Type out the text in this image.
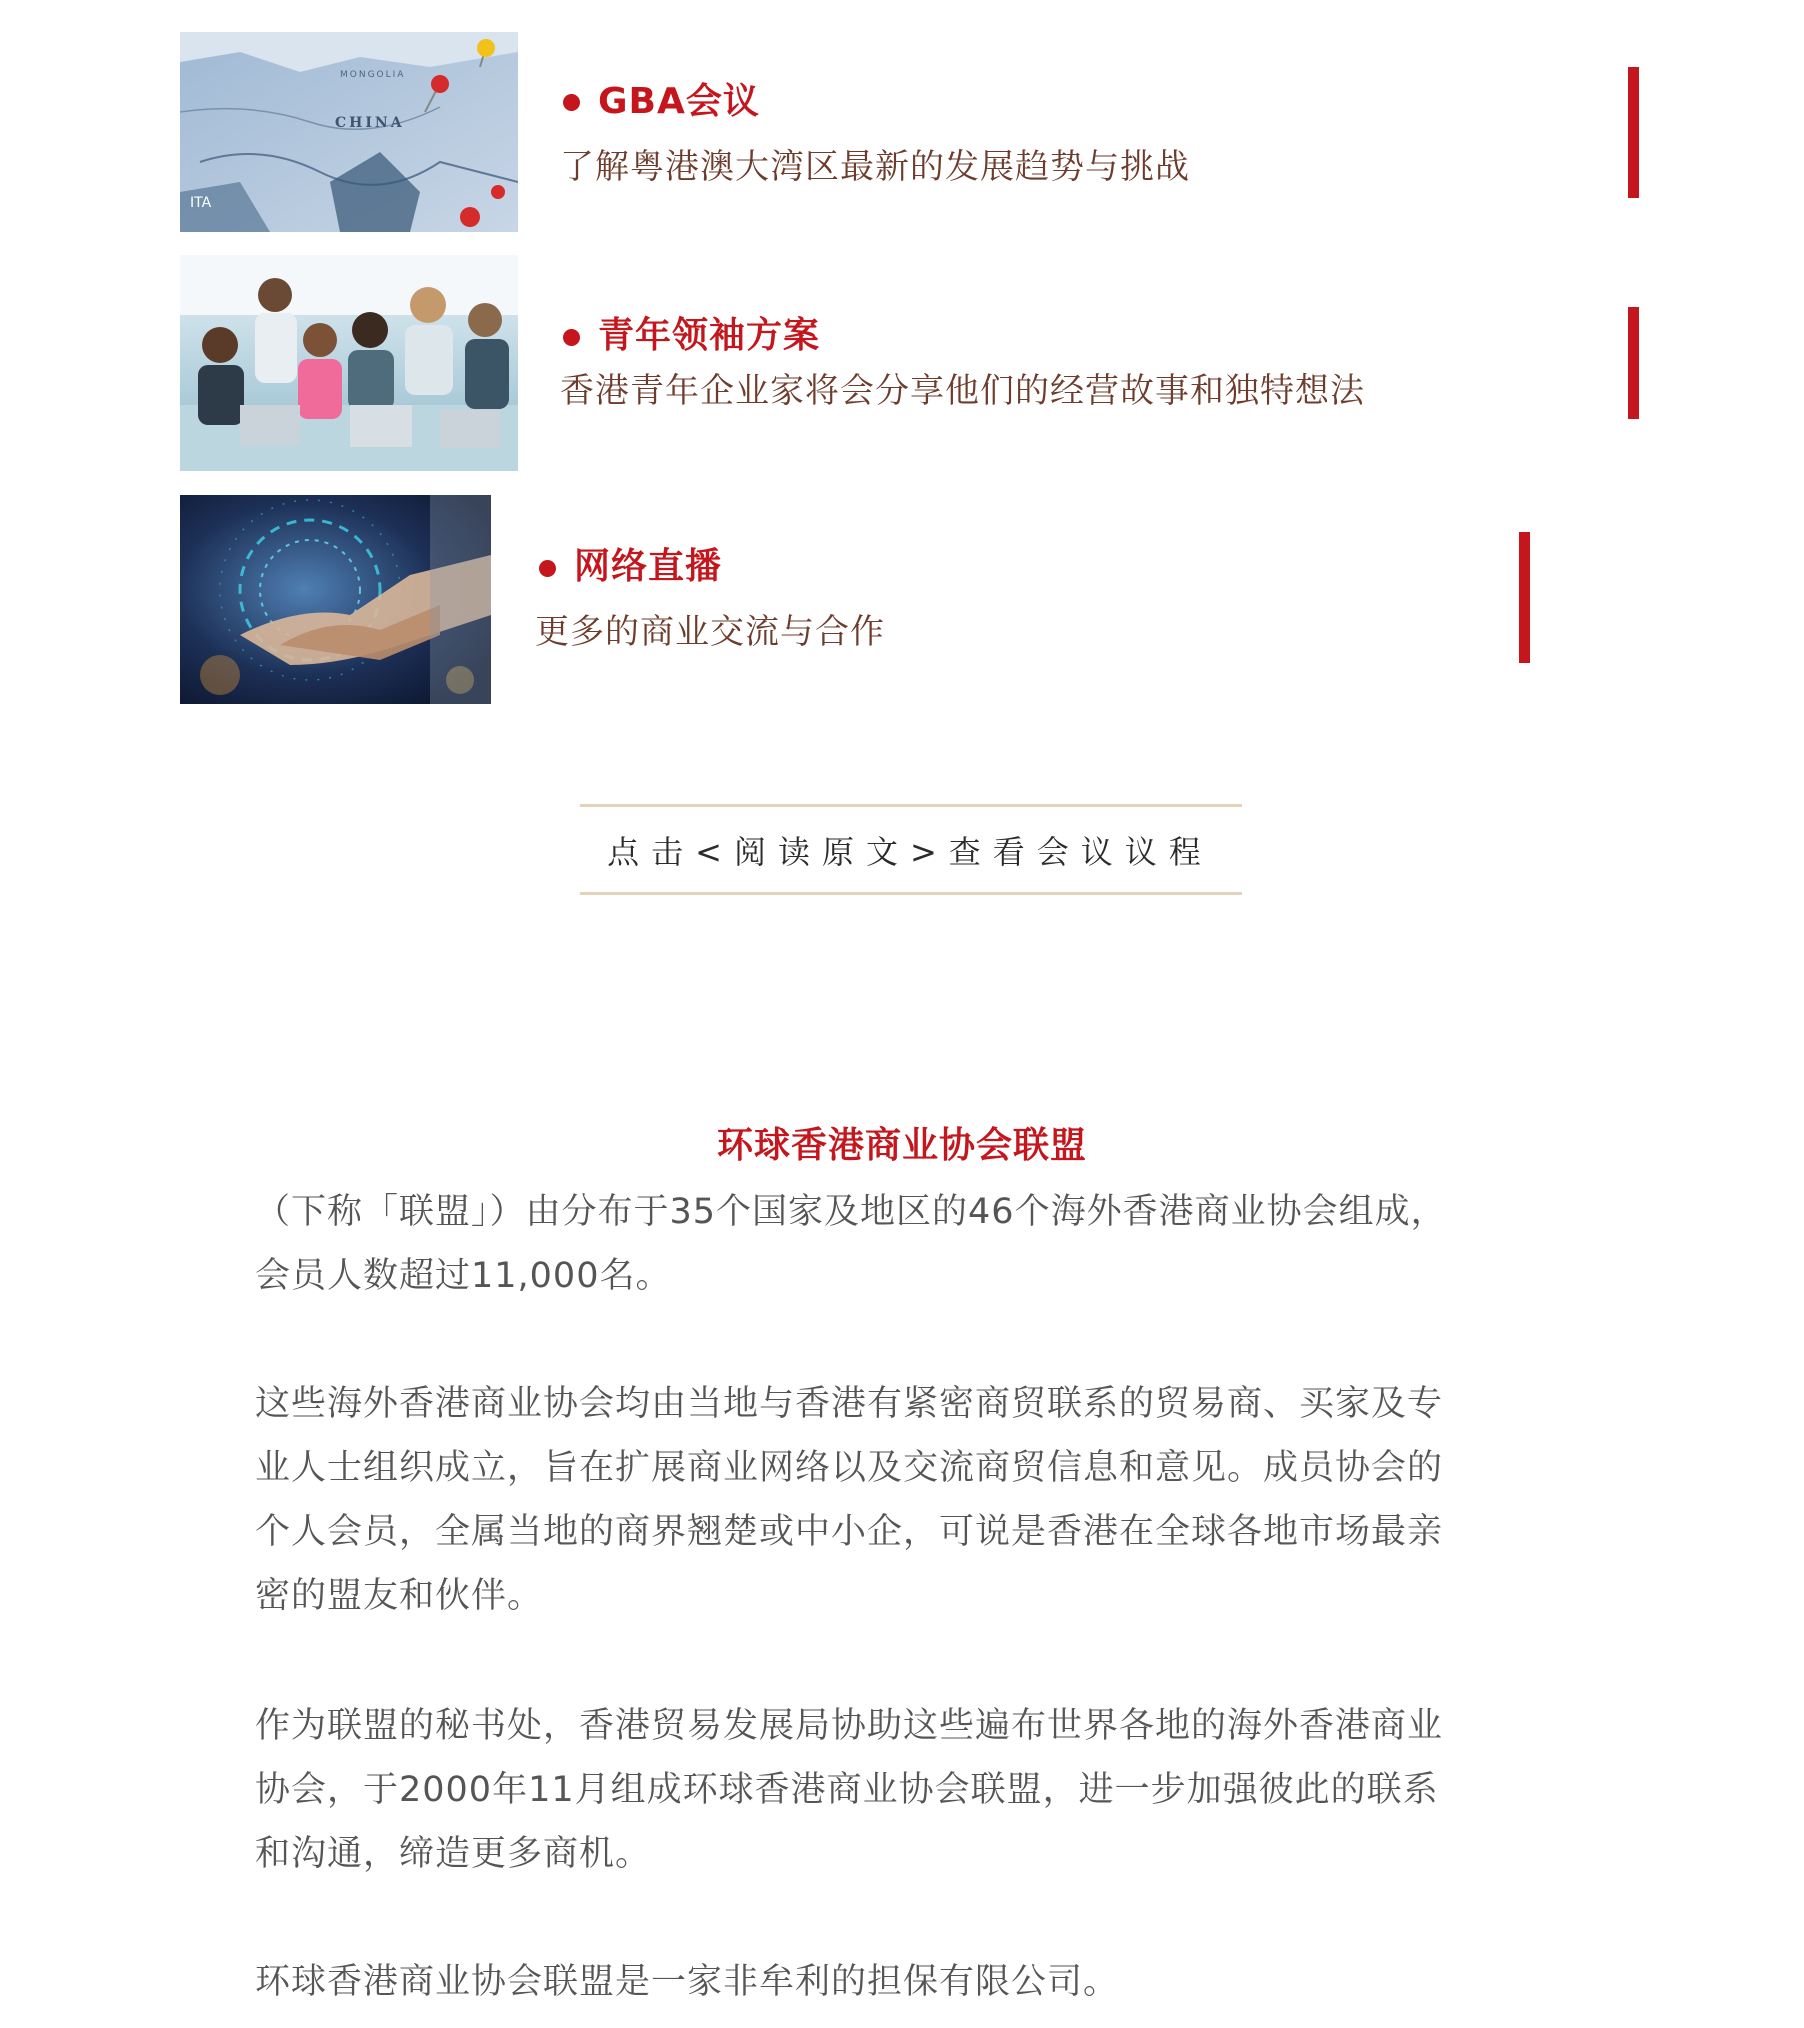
MONGOLIA
CHINA
ITA
GBA会议
了解粤港澳大湾区最新的发展趋势与挑战
青年领袖方案
香港青年企业家将会分享他们的经营故事和独特想法
网络直播
更多的商业交流与合作
点击<阅读原文>查看会议议程
环球香港商业协会联盟
（下称「联盟」）由分布于35个国家及地区的46个海外香港商业协会组成，
会员人数超过11,000名。
这些海外香港商业协会均由当地与香港有紧密商贸联系的贸易商、买家及专
业人士组织成立，旨在扩展商业网络以及交流商贸信息和意见。成员协会的
个人会员，全属当地的商界翘楚或中小企，可说是香港在全球各地市场最亲
密的盟友和伙伴。
作为联盟的秘书处，香港贸易发展局协助这些遍布世界各地的海外香港商业
协会，于2000年11月组成环球香港商业协会联盟，进一步加强彼此的联系
和沟通，缔造更多商机。
环球香港商业协会联盟是一家非牟利的担保有限公司。
